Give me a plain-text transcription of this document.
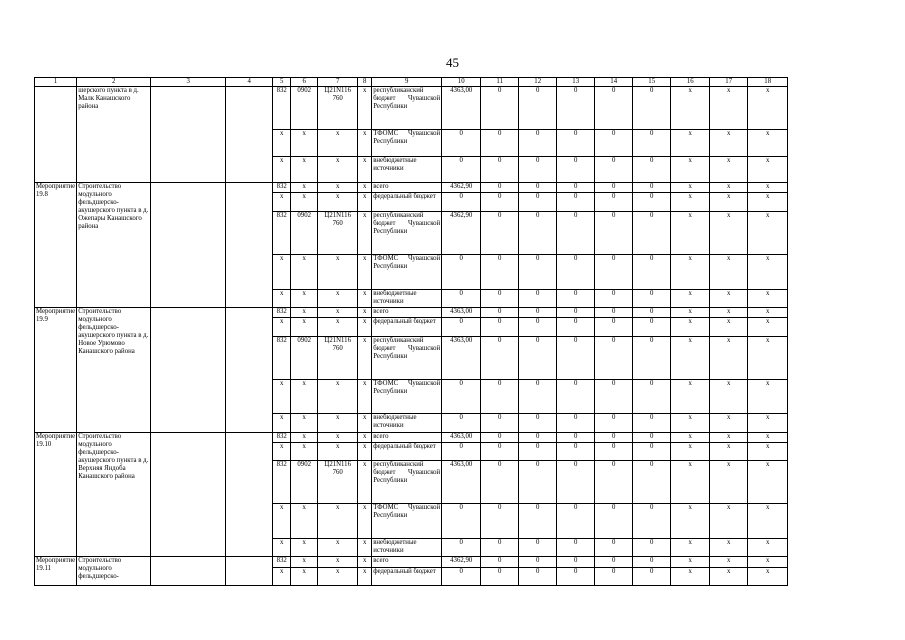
45
1	2	3	4	5	6	7	8	9	10	11	12	13	14	15	16	17	18
	шерского пункта в д. Малк Канашского района			832	0902	Ц21N116 760	x	республиканский бюджет Чувашской Республики	4363,00	0	0	0	0	0	x	x	x
				x	x	x	x	ТФОМС Чувашской Республики	0	0	0	0	0	0	x	x	x
				x	x	x	x	внебюджетные источники	0	0	0	0	0	0	x	x	x
Мероприятие 19.8	Строительство модульного фельдшерско-акушерского пункта в д. Ожепары Канашского района			832	x	x	x	всего	4362,90	0	0	0	0	0	x	x	x
				x	x	x	x	федеральный бюджет	0	0	0	0	0	0	x	x	x
				832	0902	Ц21N116 760	x	республиканский бюджет Чувашской Республики	4362,90	0	0	0	0	0	x	x	x
				x	x	x	x	ТФОМС Чувашской Республики	0	0	0	0	0	0	x	x	x
				x	x	x	x	внебюджетные источники	0	0	0	0	0	0	x	x	x
Мероприятие 19.9	Строительство модульного фельдшерско-акушерского пункта в д. Новое Урюмово Канашского района			832	x	x	x	всего	4363,00	0	0	0	0	0	x	x	x
				x	x	x	x	федеральный бюджет	0	0	0	0	0	0	x	x	x
				832	0902	Ц21N116 760	x	республиканский бюджет Чувашской Республики	4363,00	0	0	0	0	0	x	x	x
				x	x	x	x	ТФОМС Чувашской Республики	0	0	0	0	0	0	x	x	x
				x	x	x	x	внебюджетные источники	0	0	0	0	0	0	x	x	x
Мероприятие 19.10	Строительство модульного фельдшерско-акушерского пункта в д. Верхняя Яндоба Канашского района			832	x	x	x	всего	4363,00	0	0	0	0	0	x	x	x
				x	x	x	x	федеральный бюджет	0	0	0	0	0	0	x	x	x
				832	0902	Ц21N116 760	x	республиканский бюджет Чувашской Республики	4363,00	0	0	0	0	0	x	x	x
				x	x	x	x	ТФОМС Чувашской Республики	0	0	0	0	0	0	x	x	x
				x	x	x	x	внебюджетные источники	0	0	0	0	0	0	x	x	x
Мероприятие 19.11	Строительство модульного фельдшерско-			832	x	x	x	всего	4362,90	0	0	0	0	0	x	x	x
				x	x	x	x	федеральный бюджет	0	0	0	0	0	0	x	x	x
